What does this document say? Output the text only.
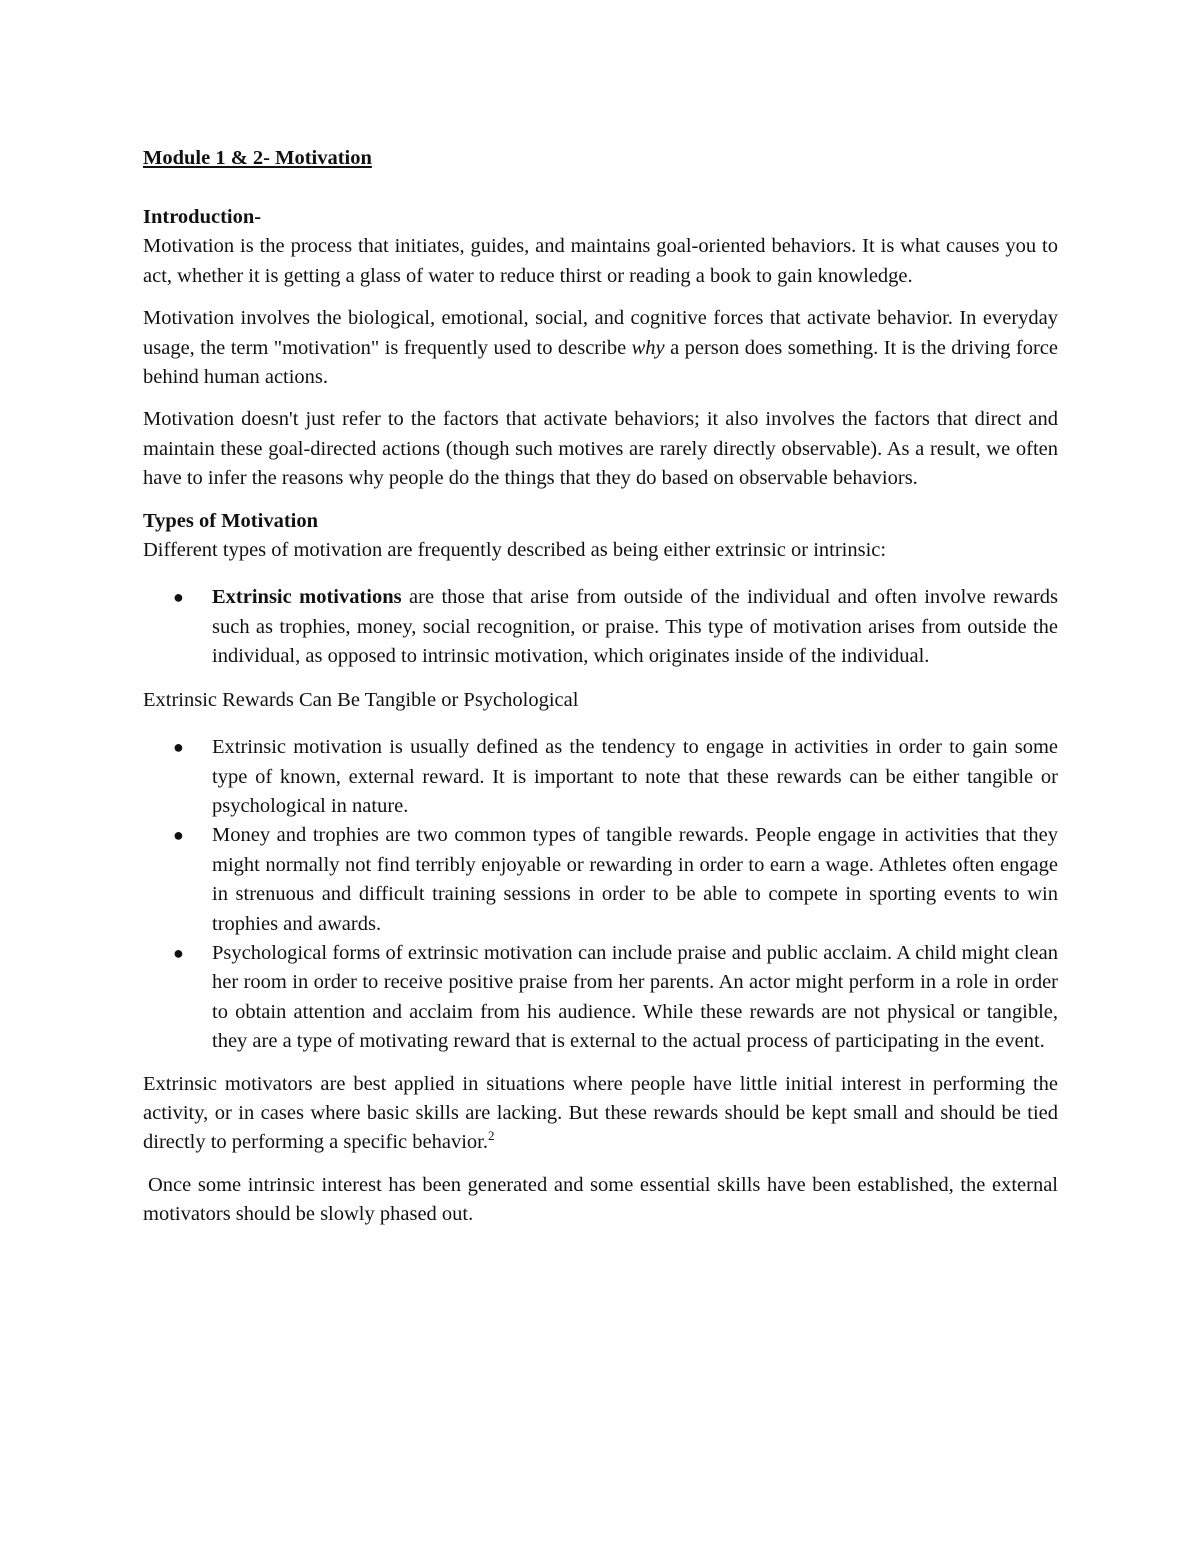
Module 1 & 2- Motivation
Introduction-

Motivation is the process that initiates, guides, and maintains goal-oriented behaviors. It is what causes you to act, whether it is getting a glass of water to reduce thirst or reading a book to gain knowledge.

Motivation involves the biological, emotional, social, and cognitive forces that activate behavior. In everyday usage, the term "motivation" is frequently used to describe why a person does something. It is the driving force behind human actions.

Motivation doesn't just refer to the factors that activate behaviors; it also involves the factors that direct and maintain these goal-directed actions (though such motives are rarely directly observable). As a result, we often have to infer the reasons why people do the things that they do based on observable behaviors.

Types of Motivation

Different types of motivation are frequently described as being either extrinsic or intrinsic:

● Extrinsic motivations are those that arise from outside of the individual and often involve rewards such as trophies, money, social recognition, or praise. This type of motivation arises from outside the individual, as opposed to intrinsic motivation, which originates inside of the individual.

Extrinsic Rewards Can Be Tangible or Psychological

● Extrinsic motivation is usually defined as the tendency to engage in activities in order to gain some type of known, external reward. It is important to note that these rewards can be either tangible or psychological in nature.
● Money and trophies are two common types of tangible rewards. People engage in activities that they might normally not find terribly enjoyable or rewarding in order to earn a wage. Athletes often engage in strenuous and difficult training sessions in order to be able to compete in sporting events to win trophies and awards.
● Psychological forms of extrinsic motivation can include praise and public acclaim. A child might clean her room in order to receive positive praise from her parents. An actor might perform in a role in order to obtain attention and acclaim from his audience. While these rewards are not physical or tangible, they are a type of motivating reward that is external to the actual process of participating in the event.

Extrinsic motivators are best applied in situations where people have little initial interest in performing the activity, or in cases where basic skills are lacking. But these rewards should be kept small and should be tied directly to performing a specific behavior.$^2$

Once some intrinsic interest has been generated and some essential skills have been established, the external motivators should be slowly phased out.
